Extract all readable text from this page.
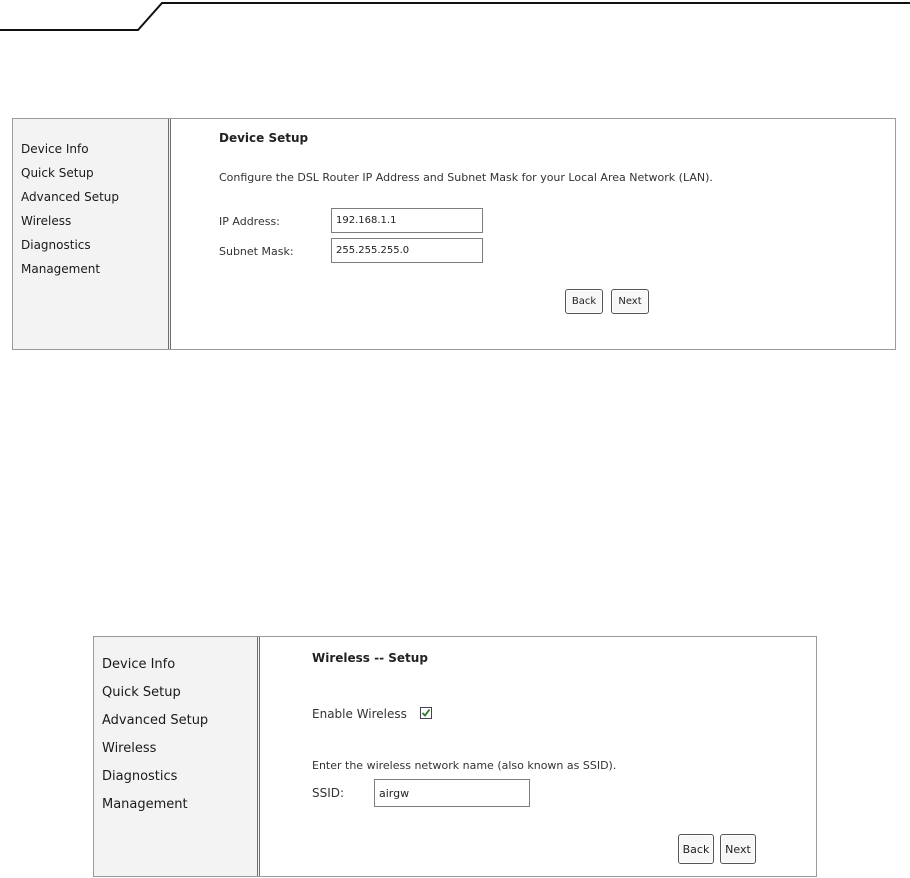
Device Info
Quick Setup
Advanced Setup
Wireless
Diagnostics
Management
Device Setup
Configure the DSL Router IP Address and Subnet Mask for your Local Area Network (LAN).
IP Address:
192.168.1.1
Subnet Mask:
255.255.255.0
Back	Next
Device Info
Quick Setup
Advanced Setup
Wireless
Diagnostics
Management
Wireless -- Setup
Enable Wireless
Enter the wireless network name (also known as SSID).
SSID:
airgw
Back	Next
